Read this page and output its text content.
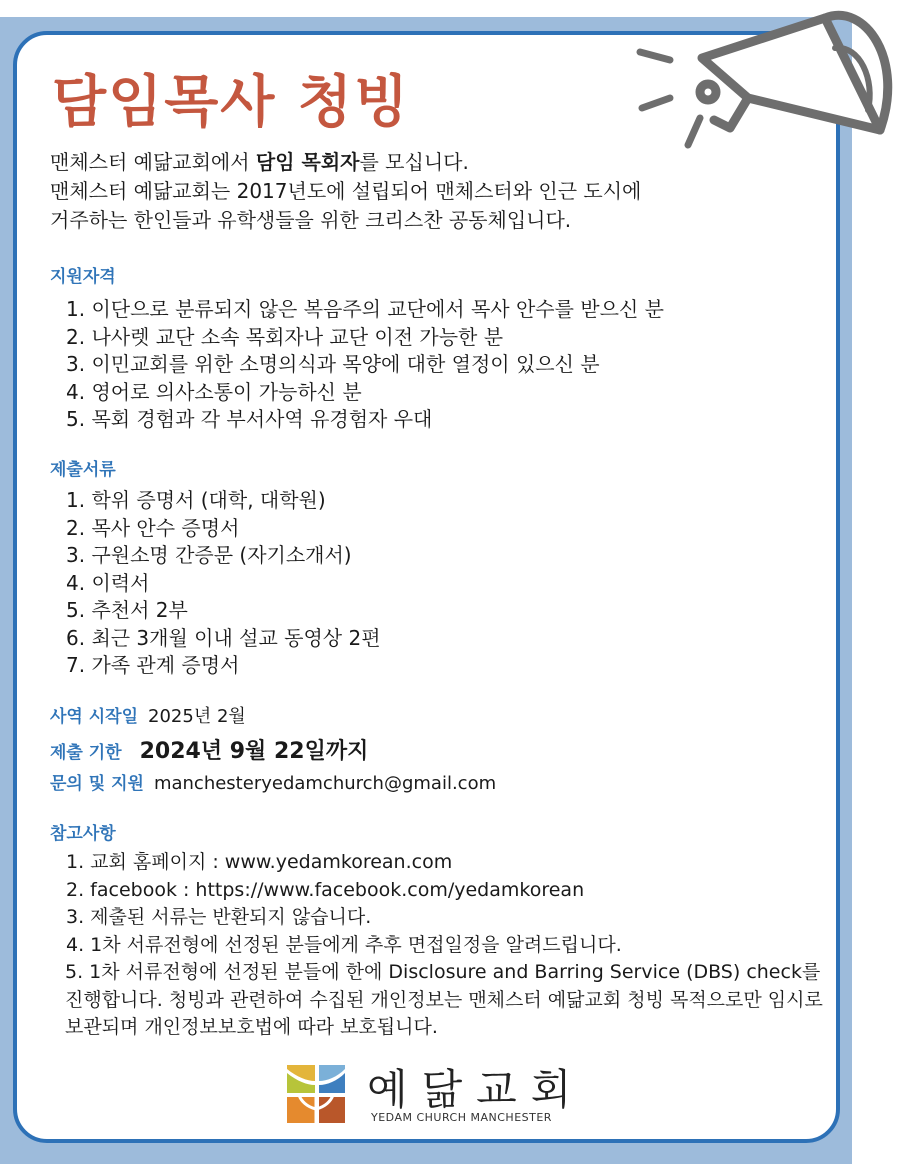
담임목사 청빙

맨체스터 예닮교회에서 담임 목회자를 모십니다.

맨체스터 예닮교회는 2017년도에 설립되어 맨체스터와 인근 도시에

거주하는 한인들과 유학생들을 위한 크리스찬 공동체입니다.

지원자격
1. 이단으로 분류되지 않은 복음주의 교단에서 목사 안수를 받으신 분
2. 나사렛 교단 소속 목회자나 교단 이전 가능한 분
3. 이민교회를 위한 소명의식과 목양에 대한 열정이 있으신 분
4. 영어로 의사소통이 가능하신 분
5. 목회 경험과 각 부서사역 유경험자 우대
제출서류
1. 학위 증명서 (대학, 대학원)
2. 목사 안수 증명서
3. 구원소명 간증문 (자기소개서)
4. 이력서
5. 추천서 2부
6. 최근 3개월 이내 설교 동영상 2편
7. 가족 관계 증명서
사역 시작일 2025년 2월
제출 기한 2024년 9월 22일까지
문의 및 지원 manchesteryedamchurch@gmail.com
참고사항
1. 교회 홈페이지 : www.yedamkorean.com
2. facebook : https://www.facebook.com/yedamkorean
3. 제출된 서류는 반환되지 않습니다.
4. 1차 서류전형에 선정된 분들에게 추후 면접일정을 알려드립니다.
5. 1차 서류전형에 선정된 분들에 한에 Disclosure and Barring Service (DBS) check를 진행합니다. 청빙과 관련하여 수집된 개인정보는 맨체스터 예닮교회 청빙 목적으로만 임시로 보관되며 개인정보보호법에 따라 보호됩니다.
예닮교회
YEDAM CHURCH MANCHESTER
